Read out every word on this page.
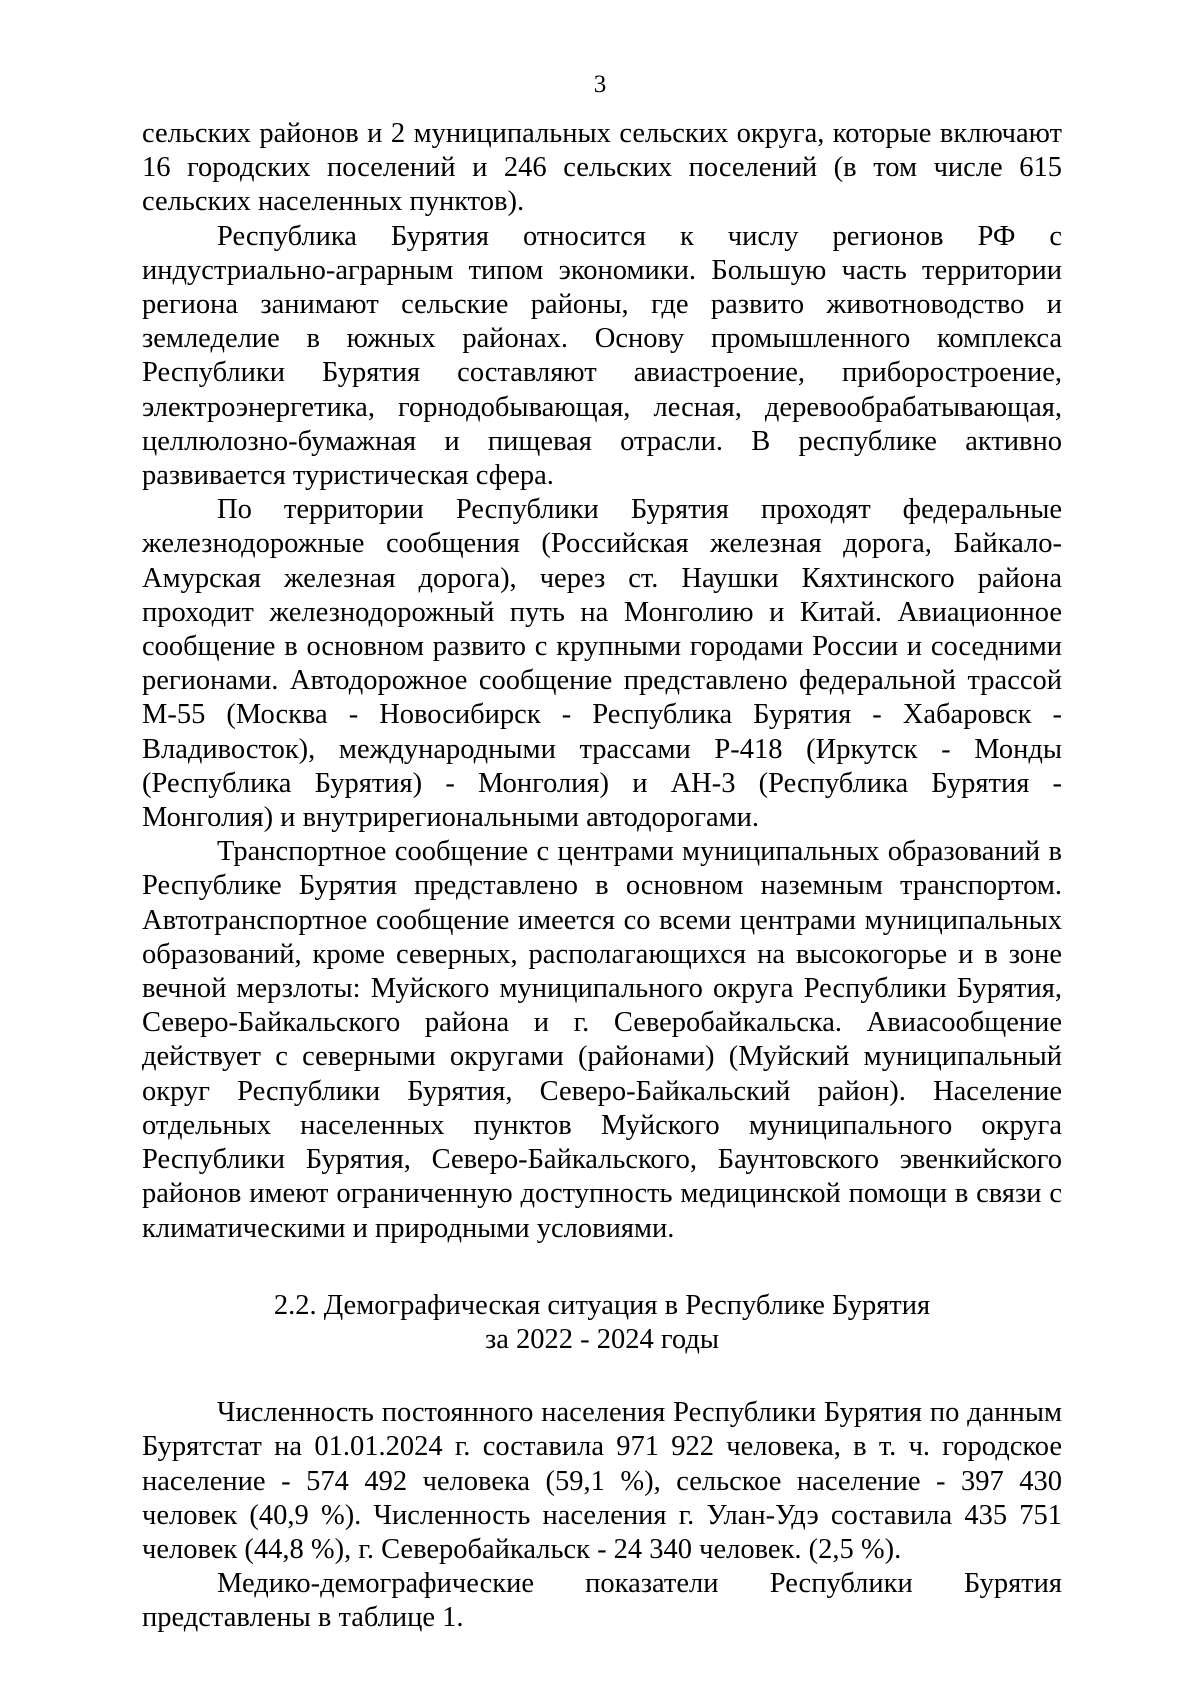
3

сельских районов и 2 муниципальных сельских округа, которые включают 16 городских поселений и 246 сельских поселений (в том числе 615 сельских населенных пунктов).

Республика Бурятия относится к числу регионов РФ с индустриально-аграрным типом экономики. Большую часть территории региона занимают сельские районы, где развито животноводство и земледелие в южных районах. Основу промышленного комплекса Республики Бурятия составляют авиастроение, приборостроение, электроэнергетика, горнодобывающая, лесная, деревообрабатывающая, целлюлозно-бумажная и пищевая отрасли. В республике активно развивается туристическая сфера.

По территории Республики Бурятия проходят федеральные железнодорожные сообщения (Российская железная дорога, Байкало-Амурская железная дорога), через ст. Наушки Кяхтинского района проходит железнодорожный путь на Монголию и Китай. Авиационное сообщение в основном развито с крупными городами России и соседними регионами. Автодорожное сообщение представлено федеральной трассой М-55 (Москва - Новосибирск - Республика Бурятия - Хабаровск - Владивосток), международными трассами Р-418 (Иркутск - Монды (Республика Бурятия) - Монголия) и АН-3 (Республика Бурятия - Монголия) и внутрирегиональными автодорогами.

Транспортное сообщение с центрами муниципальных образований в Республике Бурятия представлено в основном наземным транспортом. Автотранспортное сообщение имеется со всеми центрами муниципальных образований, кроме северных, располагающихся на высокогорье и в зоне вечной мерзлоты: Муйского муниципального округа Республики Бурятия, Северо-Байкальского района и г. Северобайкальска. Авиасообщение действует с северными округами (районами) (Муйский муниципальный округ Республики Бурятия, Северо-Байкальский район). Население отдельных населенных пунктов Муйского муниципального округа Республики Бурятия, Северо-Байкальского, Баунтовского эвенкийского районов имеют ограниченную доступность медицинской помощи в связи с климатическими и природными условиями.

2.2. Демографическая ситуация в Республике Бурятия
за 2022 - 2024 годы

Численность постоянного населения Республики Бурятия по данным Бурятстат на 01.01.2024 г. составила 971 922 человека, в т. ч. городское население - 574 492 человека (59,1 %), сельское население - 397 430 человек (40,9 %). Численность населения г. Улан-Удэ составила 435 751 человек (44,8 %), г. Северобайкальск - 24 340 человек. (2,5 %).

Медико-демографические показатели Республики Бурятия представлены в таблице 1.
